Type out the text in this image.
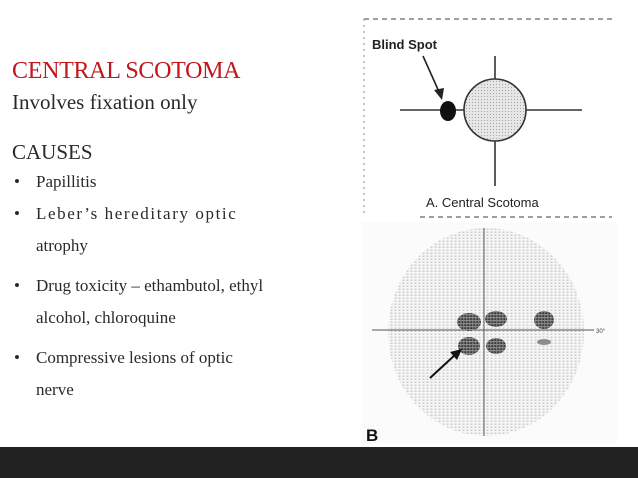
CENTRAL SCOTOMA
Involves fixation only
CAUSES
• Papillitis
• Leber’s hereditary optic
atrophy
• Drug toxicity – ethambutol, ethyl
alcohol, chloroquine
• Compressive lesions of optic
nerve
Blind Spot
A. Central Scotoma
30°
B
